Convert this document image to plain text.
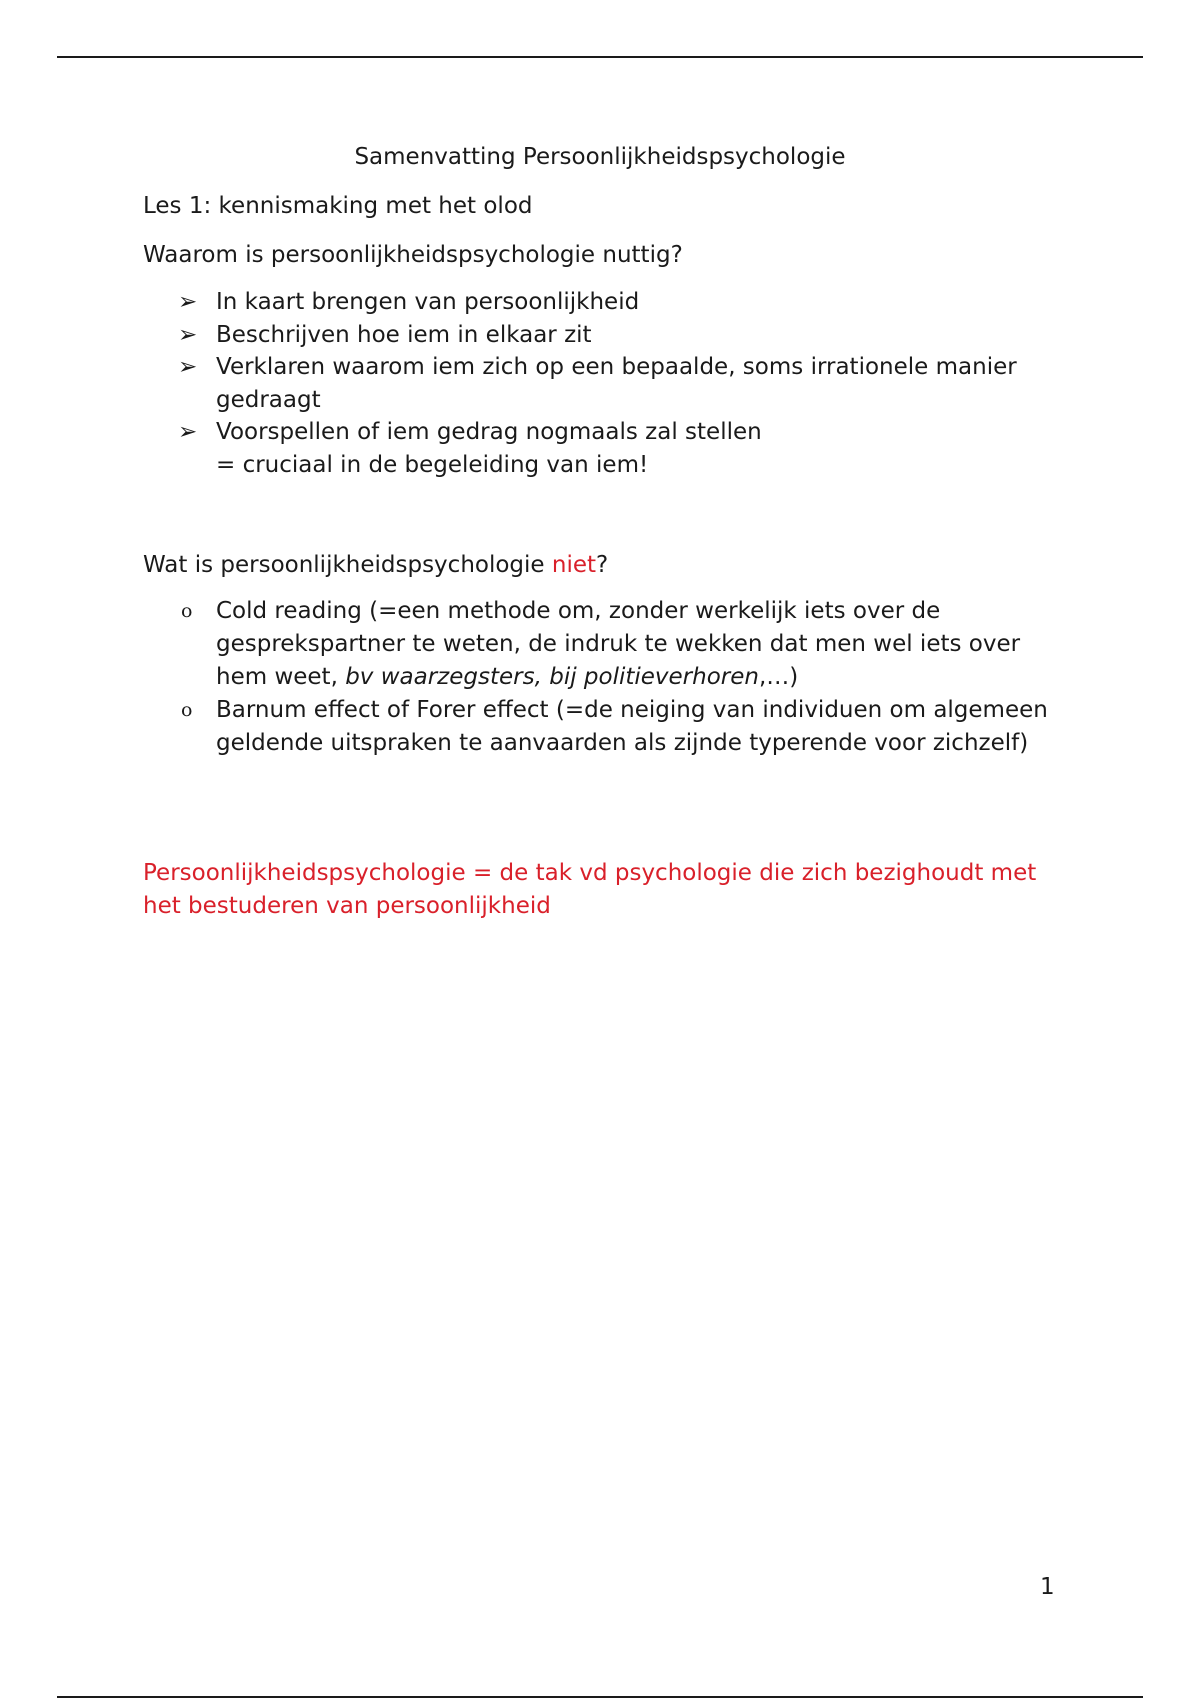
Samenvatting Persoonlijkheidspsychologie

Les 1: kennismaking met het olod

Waarom is persoonlijkheidspsychologie nuttig?

➢ In kaart brengen van persoonlijkheid
➢ Beschrijven hoe iem in elkaar zit
➢ Verklaren waarom iem zich op een bepaalde, soms irrationele manier gedraagt
➢ Voorspellen of iem gedrag nogmaals zal stellen
= cruciaal in de begeleiding van iem!

Wat is persoonlijkheidspsychologie niet?

o Cold reading (=een methode om, zonder werkelijk iets over de gesprekspartner te weten, de indruk te wekken dat men wel iets over hem weet, bv waarzegsters, bij politieverhoren,…)
o Barnum effect of Forer effect (=de neiging van individuen om algemeen geldende uitspraken te aanvaarden als zijnde typerende voor zichzelf)
Persoonlijkheidspsychologie = de tak vd psychologie die zich bezighoudt met het bestuderen van persoonlijkheid
1
